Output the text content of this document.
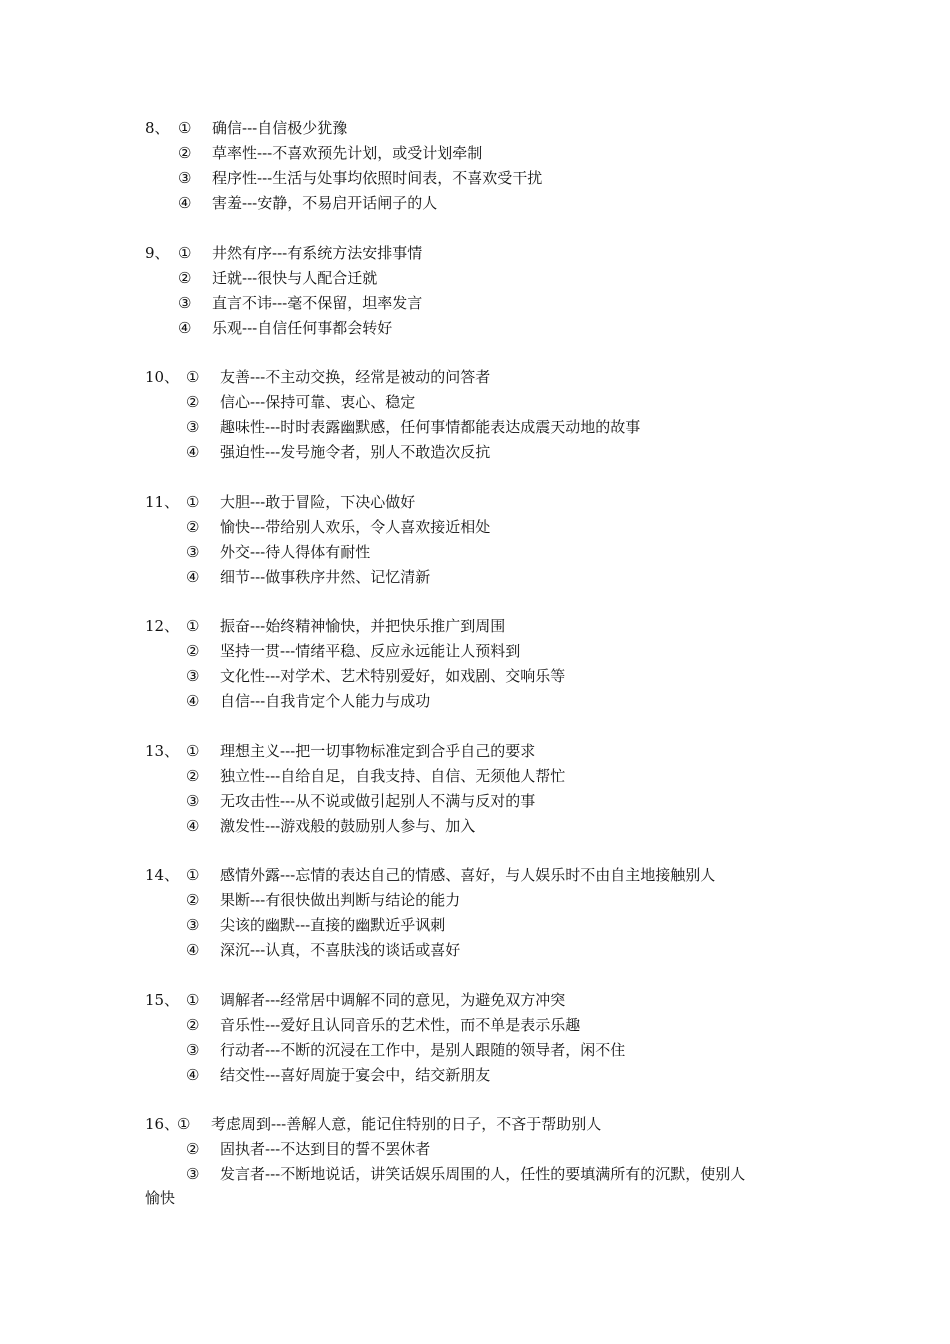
8、 ① 确信---自信极少犹豫
② 草率性---不喜欢预先计划，或受计划牵制
③ 程序性---生活与处事均依照时间表，不喜欢受干扰
④ 害羞---安静，不易启开话闸子的人
9、 ① 井然有序---有系统方法安排事情
② 迁就---很快与人配合迁就
③ 直言不讳---毫不保留，坦率发言
④ 乐观---自信任何事都会转好
10、 ① 友善---不主动交换，经常是被动的问答者
② 信心---保持可靠、衷心、稳定
③ 趣味性---时时表露幽默感，任何事情都能表达成震天动地的故事
④ 强迫性---发号施令者，别人不敢造次反抗
11、 ① 大胆---敢于冒险，下决心做好
② 愉快---带给别人欢乐，令人喜欢接近相处
③ 外交---待人得体有耐性
④ 细节---做事秩序井然、记忆清新
12、 ① 振奋---始终精神愉快，并把快乐推广到周围
② 坚持一贯---情绪平稳、反应永远能让人预料到
③ 文化性---对学术、艺术特别爱好，如戏剧、交响乐等
④ 自信---自我肯定个人能力与成功
13、 ① 理想主义---把一切事物标准定到合乎自己的要求
② 独立性---自给自足，自我支持、自信、无须他人帮忙
③ 无攻击性---从不说或做引起别人不满与反对的事
④ 激发性---游戏般的鼓励别人参与、加入
14、 ① 感情外露---忘情的表达自己的情感、喜好，与人娱乐时不由自主地接触别人
② 果断---有很快做出判断与结论的能力
③ 尖该的幽默---直接的幽默近乎讽刺
④ 深沉---认真，不喜肤浅的谈话或喜好
15、 ① 调解者---经常居中调解不同的意见，为避免双方冲突
② 音乐性---爱好且认同音乐的艺术性，而不单是表示乐趣
③ 行动者---不断的沉浸在工作中，是别人跟随的领导者，闲不住
④ 结交性---喜好周旋于宴会中，结交新朋友
16、
① 考虑周到---善解人意，能记住特别的日子，不吝于帮助别人
② 固执者---不达到目的誓不罢休者
③ 发言者---不断地说话，讲笑话娱乐周围的人，任性的要填满所有的沉默，使别人
愉快
